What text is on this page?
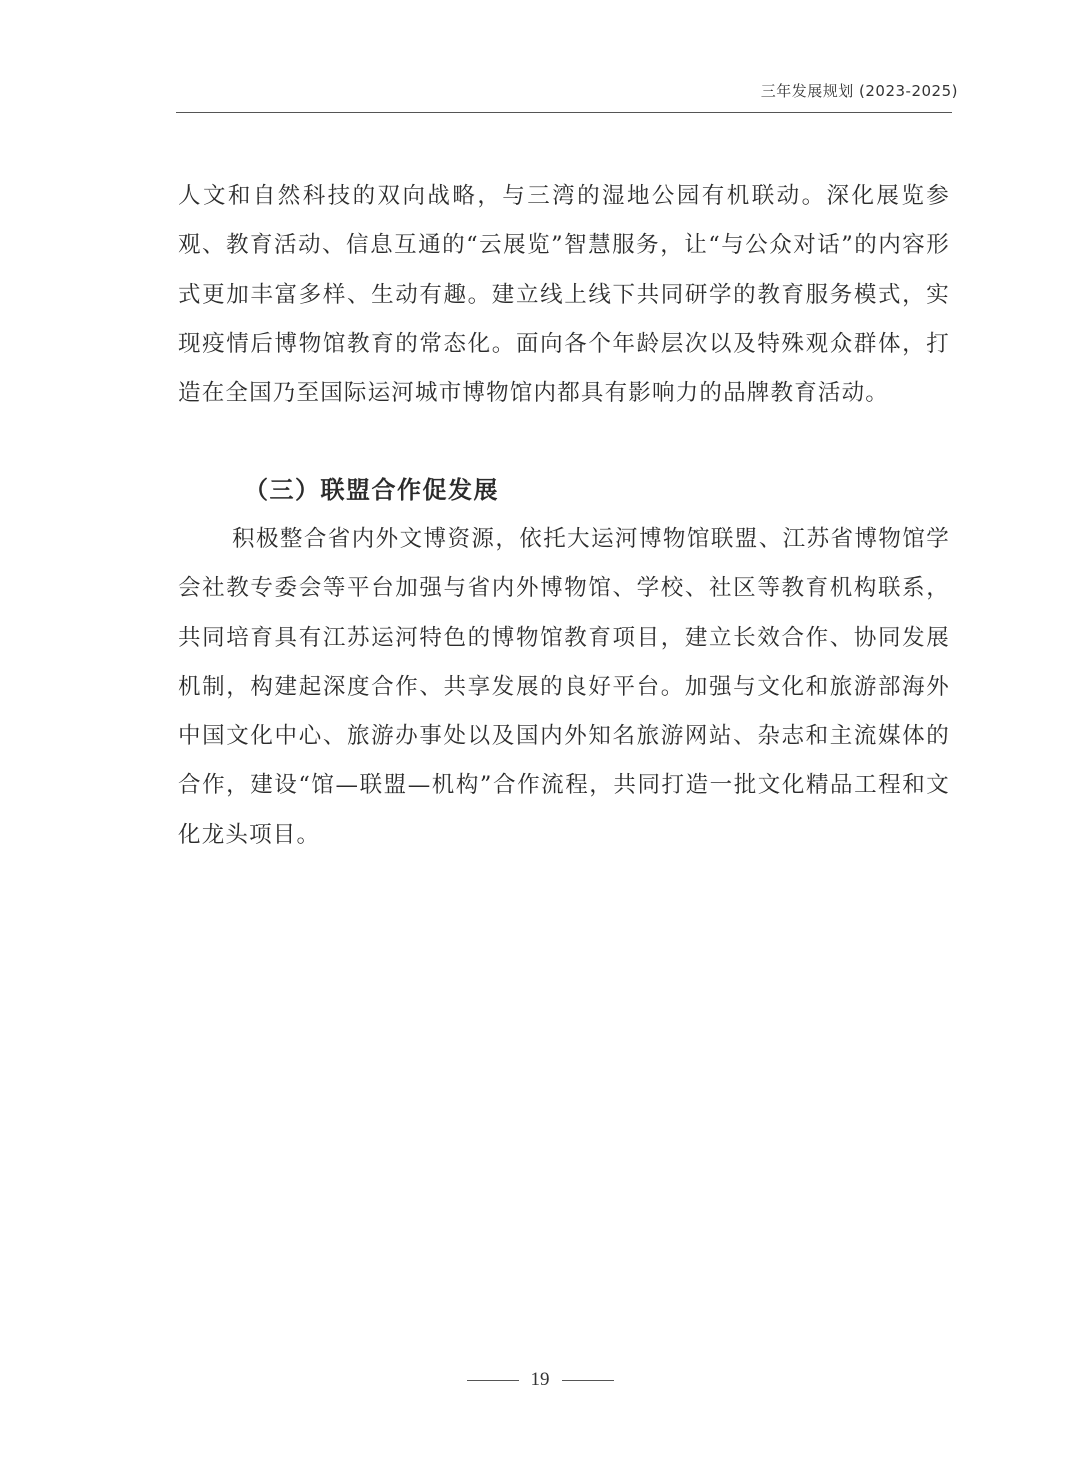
三年发展规划 (2023-2025)

人文和自然科技的双向战略，与三湾的湿地公园有机联动。深化展览参观、教育活动、信息互通的“云展览”智慧服务，让“与公众对话”的内容形式更加丰富多样、生动有趣。建立线上线下共同研学的教育服务模式，实现疫情后博物馆教育的常态化。面向各个年龄层次以及特殊观众群体，打造在全国乃至国际运河城市博物馆内都具有影响力的品牌教育活动。

（三）联盟合作促发展

积极整合省内外文博资源，依托大运河博物馆联盟、江苏省博物馆学会社教专委会等平台加强与省内外博物馆、学校、社区等教育机构联系，共同培育具有江苏运河特色的博物馆教育项目，建立长效合作、协同发展机制，构建起深度合作、共享发展的良好平台。加强与文化和旅游部海外中国文化中心、旅游办事处以及国内外知名旅游网站、杂志和主流媒体的合作，建设“馆—联盟—机构”合作流程，共同打造一批文化精品工程和文化龙头项目。

19
